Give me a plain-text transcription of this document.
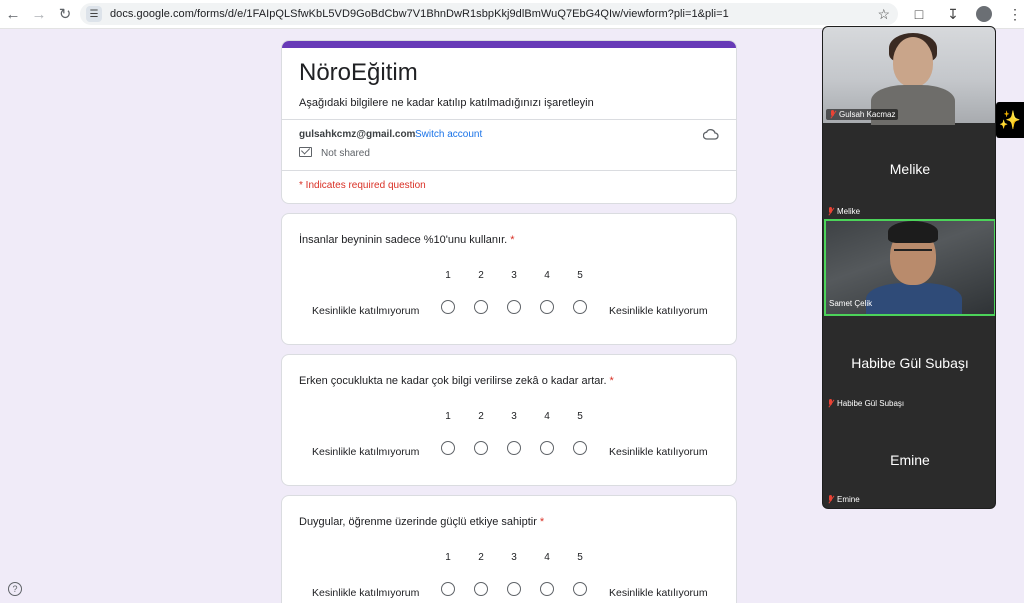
← → ↻	☰	docs.google.com/forms/d/e/1FAIpQLSfwKbL5VD9GoBdCbw7V1BhnDwR1sbpKkj9dlBmWuQ7EbG4QIw/viewform?pli=1&pli=1	☆	□	↧	⋮
NöroEğitim
Aşağıdaki bilgilere ne kadar katılıp katılmadığınızı işaretleyin
gulsahkcmz@gmail.com Switch account
Not shared
* Indicates required question
İnsanlar beyninin sadece %10'unu kullanır. *
1	2	3	4	5
Kesinlikle katılmıyorum	Kesinlikle katılıyorum
Erken çocuklukta ne kadar çok bilgi verilirse zekâ o kadar artar. *
1	2	3	4	5
Kesinlikle katılmıyorum	Kesinlikle katılıyorum
Duygular, öğrenme üzerinde güçlü etkiye sahiptir *
1	2	3	4	5
Kesinlikle katılmıyorum	Kesinlikle katılıyorum
?
Gulsah Kacmaz
Melike
Melike
Samet Çelik
Habibe Gül Subaşı
Habibe Gül Subaşı
Emine
Emine
✨
